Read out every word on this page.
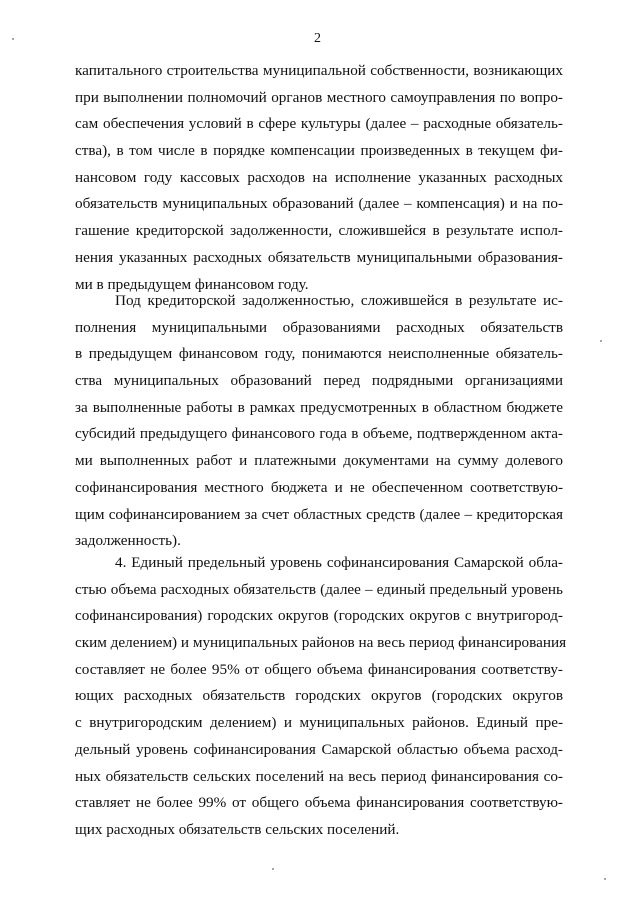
2
капитального строительства муниципальной собственности, возникающих
при выполнении полномочий органов местного самоуправления по вопро-
сам обеспечения условий в сфере культуры (далее – расходные обязатель-
ства), в том числе в порядке компенсации произведенных в текущем фи-
нансовом году кассовых расходов на исполнение указанных расходных
обязательств муниципальных образований (далее – компенсация) и на по-
гашение кредиторской задолженности, сложившейся в результате испол-
нения указанных расходных обязательств муниципальными образования-
ми в предыдущем финансовом году.
Под кредиторской задолженностью, сложившейся в результате ис-
полнения муниципальными образованиями расходных обязательств
в предыдущем финансовом году, понимаются неисполненные обязатель-
ства муниципальных образований перед подрядными организациями
за выполненные работы в рамках предусмотренных в областном бюджете
субсидий предыдущего финансового года в объеме, подтвержденном акта-
ми выполненных работ и платежными документами на сумму долевого
софинансирования местного бюджета и не обеспеченном соответствую-
щим софинансированием за счет областных средств (далее – кредиторская
задолженность).
4. Единый предельный уровень софинансирования Самарской обла-
стью объема расходных обязательств (далее – единый предельный уровень
софинансирования) городских округов (городских округов с внутригород-
ским делением) и муниципальных районов на весь период финансирования
составляет не более 95% от общего объема финансирования соответству-
ющих расходных обязательств городских округов (городских округов
с внутригородским делением) и муниципальных районов. Единый пре-
дельный уровень софинансирования Самарской областью объема расход-
ных обязательств сельских поселений на весь период финансирования со-
ставляет не более 99% от общего объема финансирования соответствую-
щих расходных обязательств сельских поселений.
